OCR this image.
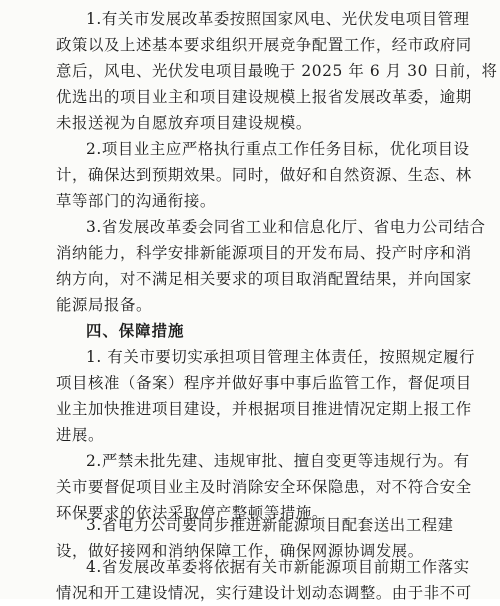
1.有关市发展改革委按照国家风电、光伏发电项目管理
政策以及上述基本要求组织开展竞争配置工作，经市政府同
意后，风电、光伏发电项目最晚于 2025 年 6 月 30 日前，将
优选出的项目业主和项目建设规模上报省发展改革委，逾期
未报送视为自愿放弃项目建设规模。
2.项目业主应严格执行重点工作任务目标，优化项目设
计，确保达到预期效果。同时，做好和自然资源、生态、林
草等部门的沟通衔接。
3.省发展改革委会同省工业和信息化厅、省电力公司结合
消纳能力，科学安排新能源项目的开发布局、投产时序和消
纳方向，对不满足相关要求的项目取消配置结果，并向国家
能源局报备。
四、保障措施
1. 有关市要切实承担项目管理主体责任，按照规定履行
项目核准（备案）程序并做好事中事后监管工作，督促项目
业主加快推进项目建设，并根据项目推进情况定期上报工作
进展。
2.严禁未批先建、违规审批、擅自变更等违规行为。有
关市要督促项目业主及时消除安全环保隐患，对不符合安全
环保要求的依法采取停产整顿等措施。
3.省电力公司要同步推进新能源项目配套送出工程建
设，做好接网和消纳保障工作，确保网源协调发展。
4.省发展改革委将依据有关市新能源项目前期工作落实
情况和开工建设情况，实行建设计划动态调整。由于非不可
